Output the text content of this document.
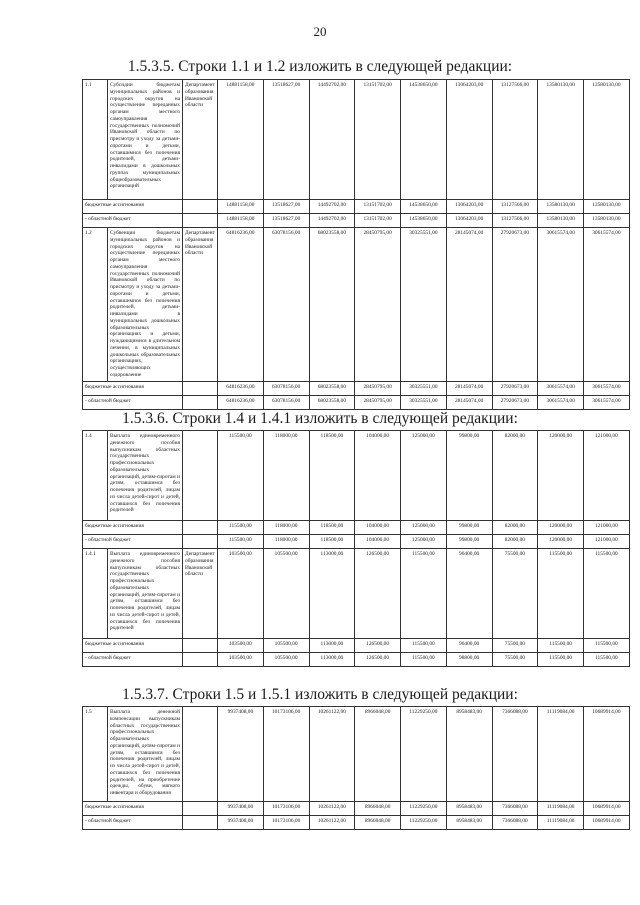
20
1.5.3.5. Строки 1.1 и 1.2 изложить в следующей редакции:
1.1	Субсидии бюджетам муниципальных районов и городских округов на осуществление переданных органам местного самоуправления государственных полномочий Ивановской области по присмотру и уходу за детьми-сиротами и детьми, оставшимися без попечения родителей, детьми-инвалидами в дошкольных группах муниципальных общеобразовательных организаций	Департамент образования Ивановской области	14881158,00	13518627,00	14492702,00	13151702,00	14538650,00	13064203,00	13127566,00	13580130,00	13580130,00
бюджетные ассигнования			14881158,00	13518627,00	14492702,00	13151702,00	14538650,00	13064203,00	13127566,00	13580130,00	13580130,00
- областной бюджет			14881158,00	13518627,00	14492702,00	13151702,00	14538650,00	13064203,00	13127566,00	13580130,00	13580130,00
1.2	Субвенции бюджетам муниципальных районов и городских округов на осуществление переданных органам местного самоуправления государственных полномочий Ивановской области по присмотру и уходу за детьми-сиротами и детьми, оставшимися без попечения родителей, детьми-инвалидами в муниципальных дошкольных образовательных организациях и детьми, нуждающимися в длительном лечении, в муниципальных дошкольных образовательных организациях, осуществляющих оздоровление	Департамент образования Ивановской области	64816236,00	63078156,00	68023558,00	28450795,00	30325551,00	28145074,00	27920673,00	30615574,00	30615574,00
бюджетные ассигнования			64816236,00	63078156,00	68023558,00	28450795,00	30325551,00	28145074,00	27920673,00	30615574,00	30615574,00
- областной бюджет			64816236,00	63078156,00	68023558,00	28450795,00	30325551,00	28145074,00	27920673,00	30615574,00	30615574,00
1.5.3.6. Строки 1.4 и 1.4.1 изложить в следующей редакции:
1.4	Выплата единовременного денежного пособия выпускникам областных государственных профессиональных образовательных организаций, детям-сиротам и детям, оставшимся без попечения родителей, лицам из числа детей-сирот и детей, оставшихся без попечения родителей		115500,00	118000,00	118500,00	104000,00	125000,00	99800,00	82000,00	120000,00	121000,00
бюджетные ассигнования			115500,00	118000,00	118500,00	104000,00	125000,00	99800,00	82000,00	120000,00	121000,00
- областной бюджет			115500,00	118000,00	118500,00	104000,00	125000,00	99800,00	82000,00	120000,00	121000,00
1.4.1	Выплата единовременного денежного пособия выпускникам областных государственных профессиональных образовательных организаций, детям-сиротам и детям, оставшимся без попечения родителей, лицам из числа детей-сирот и детей, оставшихся без попечения родителей	Департамент образования Ивановской области	103500,00	105500,00	113000,00	126500,00	115500,00	96400,00	75500,00	115500,00	115500,00
бюджетные ассигнования			103500,00	105500,00	113000,00	126500,00	115500,00	96400,00	75500,00	115500,00	115500,00
- областной бюджет			103500,00	105500,00	113000,00	126500,00	115500,00	98800,00	75500,00	115500,00	115500,00
1.5.3.7. Строки 1.5 и 1.5.1 изложить в следующей редакции:
1.5	Выплата денежной компенсации выпускникам областных государственных профессиональных образовательных организаций, детям-сиротам и детям, оставшимся без попечения родителей, лицам из числа детей-сирот и детей, оставшихся без попечения родителей, на приобретение одежды, обуви, мягкого инвентаря и оборудования		9937408,00	10173106,00	10261122,00	8966048,00	11229250,00	8958483,00	7366088,00	11119084,00	10689914,00
бюджетные ассигнования			9937408,00	10173106,00	10261122,00	8966048,00	11229250,00	8958483,00	7366088,00	11119084,00	10689914,00
- областной бюджет			9937408,00	10173106,00	10261122,00	8966048,00	11229250,00	8958483,00	7366088,00	11119084,00	10689914,00
